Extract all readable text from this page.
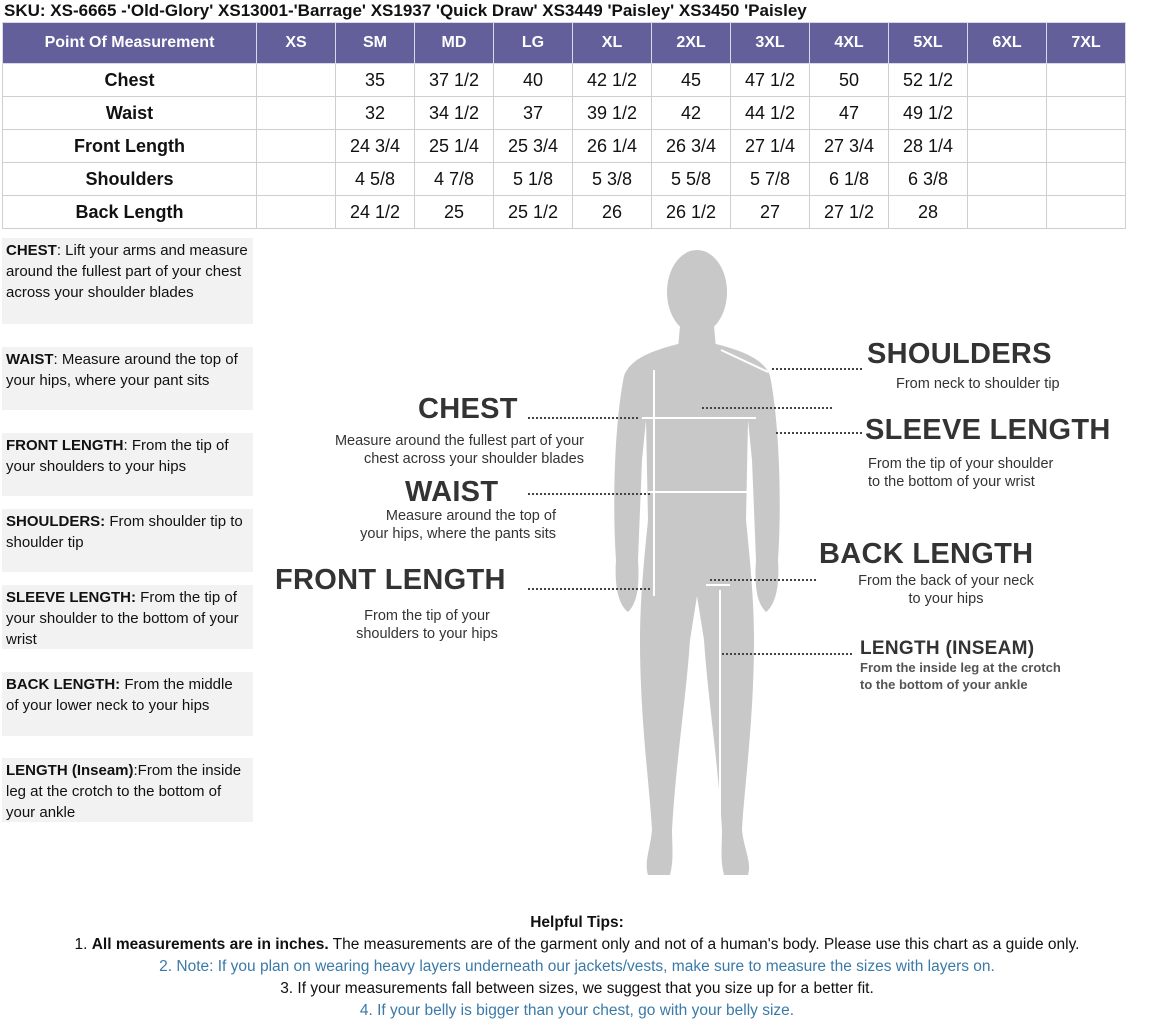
SKU: XS-6665 -'Old-Glory' XS13001-'Barrage' XS1937 'Quick Draw' XS3449 'Paisley' XS3450 'Paisley
Point Of Measurement	XS	SM	MD	LG	XL	2XL	3XL	4XL	5XL	6XL	7XL
Chest		35	37 1/2	40	42 1/2	45	47 1/2	50	52 1/2		
Waist		32	34 1/2	37	39 1/2	42	44 1/2	47	49 1/2		
Front Length		24 3/4	25 1/4	25 3/4	26 1/4	26 3/4	27 1/4	27 3/4	28 1/4		
Shoulders		4 5/8	4 7/8	5 1/8	5 3/8	5 5/8	5 7/8	6 1/8	6 3/8		
Back Length		24 1/2	25	25 1/2	26	26 1/2	27	27 1/2	28		
CHEST: Lift your arms and measure around the fullest part of your chest across your shoulder blades
WAIST: Measure around the top of your hips, where your pant sits
FRONT LENGTH: From the tip of your shoulders to your hips
SHOULDERS: From shoulder tip to shoulder tip
SLEEVE LENGTH: From the tip of your shoulder to the bottom of your wrist
BACK LENGTH: From the middle of your lower neck to your hips
LENGTH (Inseam):From the inside leg at the crotch to the bottom of your ankle
SHOULDERS
From neck to shoulder tip
CHEST
Measure around the fullest part of your
chest across your shoulder blades
SLEEVE LENGTH
From the tip of your shoulder
to the bottom of your wrist
WAIST
Measure around the top of
your hips, where the pants sits
BACK LENGTH
From the back of your neck
to your hips
FRONT LENGTH
From the tip of your
shoulders to your hips
LENGTH (INSEAM)
From the inside leg at the crotch
to the bottom of your ankle
Helpful Tips:
1. All measurements are in inches. The measurements are of the garment only and not of a human's body. Please use this chart as a guide only.
2. Note: If you plan on wearing heavy layers underneath our jackets/vests, make sure to measure the sizes with layers on.
3. If your measurements fall between sizes, we suggest that you size up for a better fit.
4. If your belly is bigger than your chest, go with your belly size.
